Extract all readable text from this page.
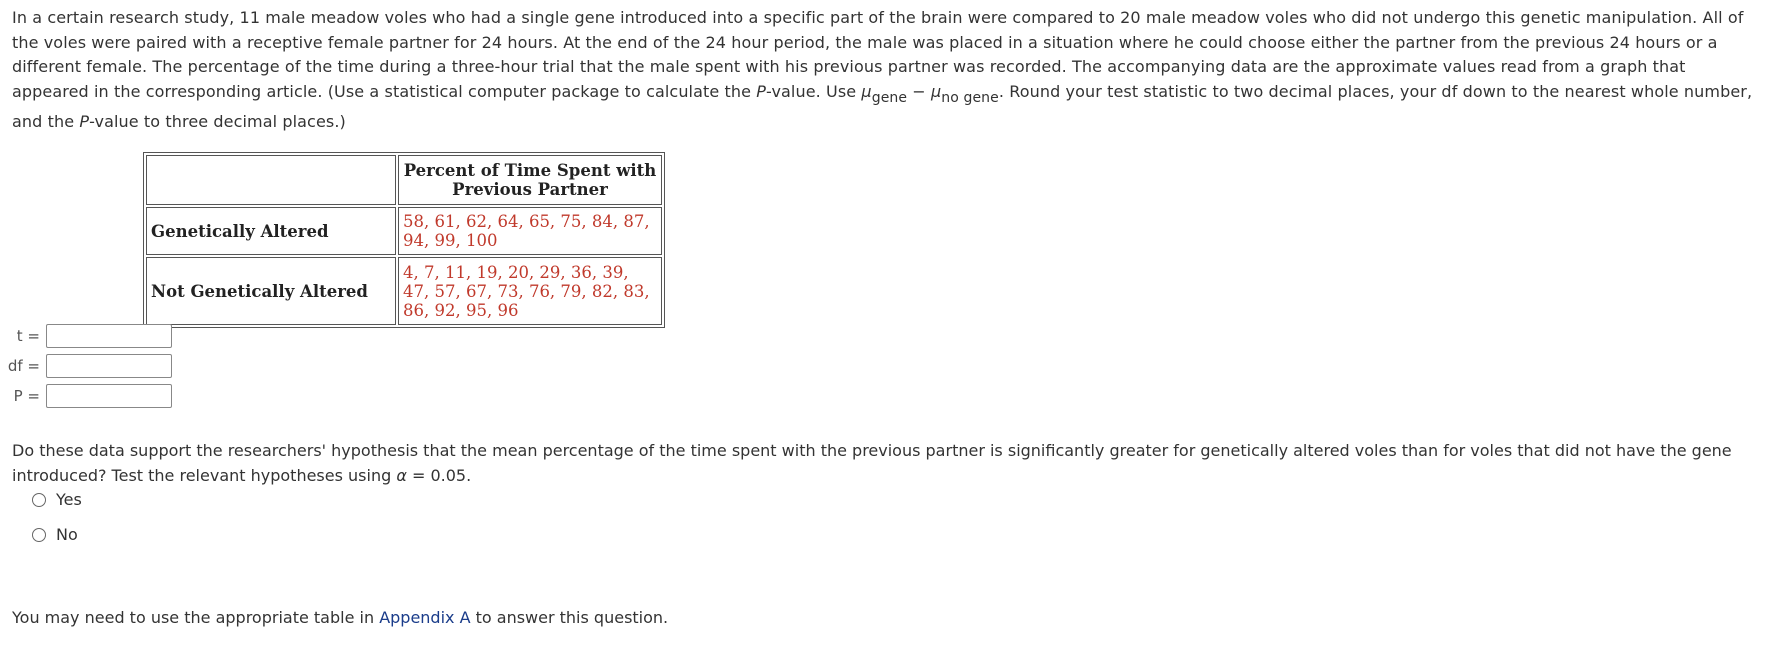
In a certain research study, 11 male meadow voles who had a single gene introduced into a specific part of the brain were compared to 20 male meadow voles who did not undergo this genetic manipulation. All of the voles were paired with a receptive female partner for 24 hours. At the end of the 24 hour period, the male was placed in a situation where he could choose either the partner from the previous 24 hours or a different female. The percentage of the time during a three-hour trial that the male spent with his previous partner was recorded. The accompanying data are the approximate values read from a graph that appeared in the corresponding article. (Use a statistical computer package to calculate the P-value. Use μgene − μno gene. Round your test statistic to two decimal places, your df down to the nearest whole number, and the P-value to three decimal places.)
	Percent of Time Spent with Previous Partner
Genetically Altered	58, 61, 62, 64, 65, 75, 84, 87, 94, 99, 100
Not Genetically Altered	4, 7, 11, 19, 20, 29, 36, 39, 47, 57, 67, 73, 76, 79, 82, 83, 86, 92, 95, 96
t =
df =
P =
Do these data support the researchers' hypothesis that the mean percentage of the time spent with the previous partner is significantly greater for genetically altered voles than for voles that did not have the gene introduced? Test the relevant hypotheses using α = 0.05.
Yes
No
You may need to use the appropriate table in Appendix A to answer this question.
